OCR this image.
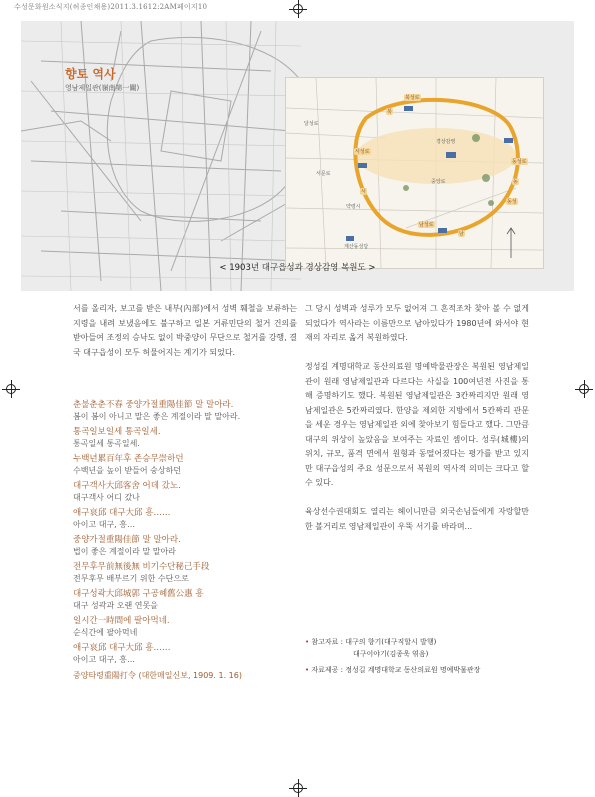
수성문화원소식지(허종인채용)2011.3.1612:2AM페이지10
향토 역사
영남제일관(嶺南第一關)
북성로
서성로
동성로
남성로
북
동
남
서
동성
달성로
서문로
중앙로
약령시
경상감영
계산동성당
< 1903년 대구읍성과 경상감영 복원도 >

서를 올리자, 보고를 받은 내부(內部)에서 성벽 훼철을 보류하는 지령을 내려 보냈음에도 불구하고 일본 거류민단의 철거 건의를 받아들여 조정의 승낙도 없이 박중양이 무단으로 철거를 강행, 결국 대구읍성이 모두 허물어지는 계기가 되었다.

춘불춘춘不春 중양가절重陽佳節 말 말아라.
봄이 봄이 아니고 말은 좋은 계절이라 말 말아라.
통곡일보일세 통곡일세.
통곡일세 통곡일세.
누백년累百年후 존승무崇하던
수백년을 높이 받들어 숭상하던
대구객사大邱客舍 어데 갔노.
대구객사 어디 갔나
애구哀邱 대구大邱 흥……
아이고 대구, 흥…
중양가절重陽佳節 말 말아라.
법이 좋은 계절이라 말 말아라
전무후무前無後無 비기수단秘己手段
전무후무 배부르기 위한 수단으로
대구성곽大邱城郭 구공혜舊公惠 흥
대구 성곽과 오랜 연못을
일시간一時間에 팔아먹네.
순식간에 팔아먹네
애구哀邱 대구大邱 흥……
아이고 대구, 흥…
중양타령重陽打令 (대한매일신보, 1909. 1. 16)

그 당시 성벽과 성루가 모두 없어져 그 흔적조차 찾아 볼 수 없게 되었다가 역사라는 이름만으로 남아있다가 1980년에 와서야 현재의 자리로 옮겨 복원하였다.

정성길 계명대학교 동산의료원 명예박물관장은 복원된 영남제일관이 원래 영남제일관과 다르다는 사실을 100여년전 사진을 통해 증명하기도 했다. 복원된 영남제일관은 3칸짜리지만 원래 영남제일관은 5칸짜리였다. 한양을 제외한 지방에서 5칸짜리 관문을 세운 경우는 영남제일관 외에 찾아보기 힘들다고 했다. 그만큼 대구의 위상이 높았음을 보여주는 자료인 셈이다. 성루(城樓)의 위치, 규모, 품격 면에서 원형과 동떨어졌다는 평가를 받고 있지만 대구읍성의 주요 성문으로서 복원의 역사적 의미는 크다고 할 수 있다.

육상선수권대회도 열리는 헤이니만큼 외국손님들에게 자랑할만한 볼거리로 영남제일관이 우뚝 서기를 바라며...

• 참고자료 : 대구의 향기(대구직할시 발행)
대구이야기(김종욱 엮음)
• 자료제공 : 정성길 계명대학교 동산의료원 명예박물관장
